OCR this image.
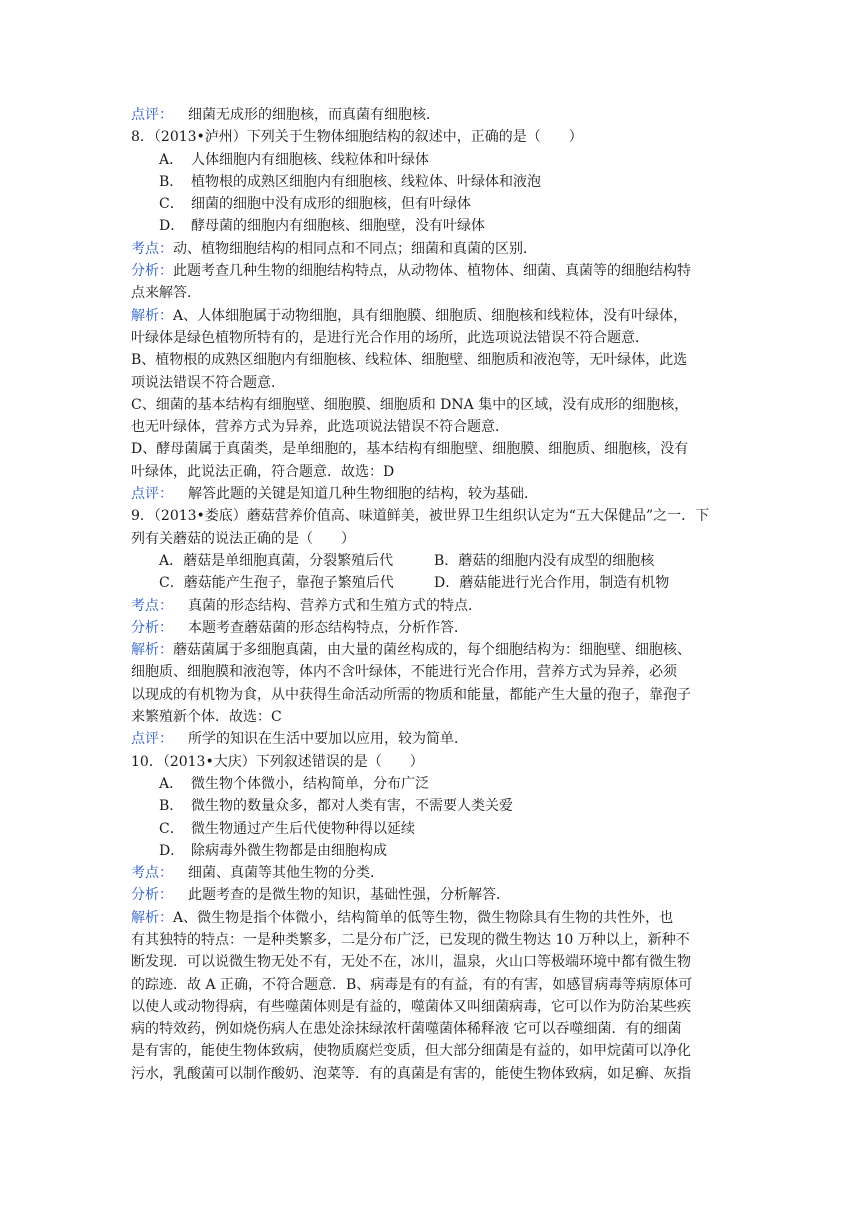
点评： 细菌无成形的细胞核，而真菌有细胞核．
8．（2013•泸州）下列关于生物体细胞结构的叙述中，正确的是（　　）
A． 人体细胞内有细胞核、线粒体和叶绿体
B． 植物根的成熟区细胞内有细胞核、线粒体、叶绿体和液泡
C． 细菌的细胞中没有成形的细胞核，但有叶绿体
D． 酵母菌的细胞内有细胞核、细胞壁，没有叶绿体
考点：动、植物细胞结构的相同点和不同点；细菌和真菌的区别．
分析：此题考查几种生物的细胞结构特点，从动物体、植物体、细菌、真菌等的细胞结构特
点来解答．
解析：A、人体细胞属于动物细胞，具有细胞膜、细胞质、细胞核和线粒体，没有叶绿体，
叶绿体是绿色植物所特有的，是进行光合作用的场所，此选项说法错误不符合题意．
B、植物根的成熟区细胞内有细胞核、线粒体、细胞壁、细胞质和液泡等，无叶绿体，此选
项说法错误不符合题意．
C、细菌的基本结构有细胞壁、细胞膜、细胞质和 DNA 集中的区域，没有成形的细胞核，
也无叶绿体，营养方式为异养，此选项说法错误不符合题意．
D、酵母菌属于真菌类，是单细胞的，基本结构有细胞壁、细胞膜、细胞质、细胞核，没有
叶绿体，此说法正确，符合题意．故选：D
点评： 解答此题的关键是知道几种生物细胞的结构，较为基础．
9．（2013•娄底）蘑菇营养价值高、味道鲜美，被世界卫生组织认定为“五大保健品”之一．下
列有关蘑菇的说法正确的是（　　）
A．蘑菇是单细胞真菌，分裂繁殖后代	B．蘑菇的细胞内没有成型的细胞核
C．蘑菇能产生孢子，靠孢子繁殖后代	D．蘑菇能进行光合作用，制造有机物
考点： 真菌的形态结构、营养方式和生殖方式的特点．
分析： 本题考查蘑菇菌的形态结构特点，分析作答．
解析：蘑菇菌属于多细胞真菌，由大量的菌丝构成的，每个细胞结构为：细胞壁、细胞核、
细胞质、细胞膜和液泡等，体内不含叶绿体，不能进行光合作用，营养方式为异养，必须
以现成的有机物为食，从中获得生命活动所需的物质和能量，都能产生大量的孢子，靠孢子
来繁殖新个体．故选：C
点评： 所学的知识在生活中要加以应用，较为简单．
10．（2013•大庆）下列叙述错误的是（　　）
A． 微生物个体微小，结构简单，分布广泛
B． 微生物的数量众多，都对人类有害，不需要人类关爱
C． 微生物通过产生后代使物种得以延续
D． 除病毒外微生物都是由细胞构成
考点： 细菌、真菌等其他生物的分类．
分析： 此题考查的是微生物的知识，基础性强，分析解答．
解析：A、微生物是指个体微小，结构简单的低等生物，微生物除具有生物的共性外，也
有其独特的特点：一是种类繁多，二是分布广泛，已发现的微生物达 10 万种以上，新种不
断发现．可以说微生物无处不有，无处不在，冰川，温泉，火山口等极端环境中都有微生物
的踪迹．故 A 正确，不符合题意．B、病毒是有的有益，有的有害，如感冒病毒等病原体可
以使人或动物得病，有些噬菌体则是有益的，噬菌体又叫细菌病毒，它可以作为防治某些疾
病的特效药，例如烧伤病人在患处涂抹绿浓杆菌噬菌体稀释液 它可以吞噬细菌．有的细菌
是有害的，能使生物体致病，使物质腐烂变质，但大部分细菌是有益的，如甲烷菌可以净化
污水，乳酸菌可以制作酸奶、泡菜等．有的真菌是有害的，能使生物体致病，如足癣、灰指
